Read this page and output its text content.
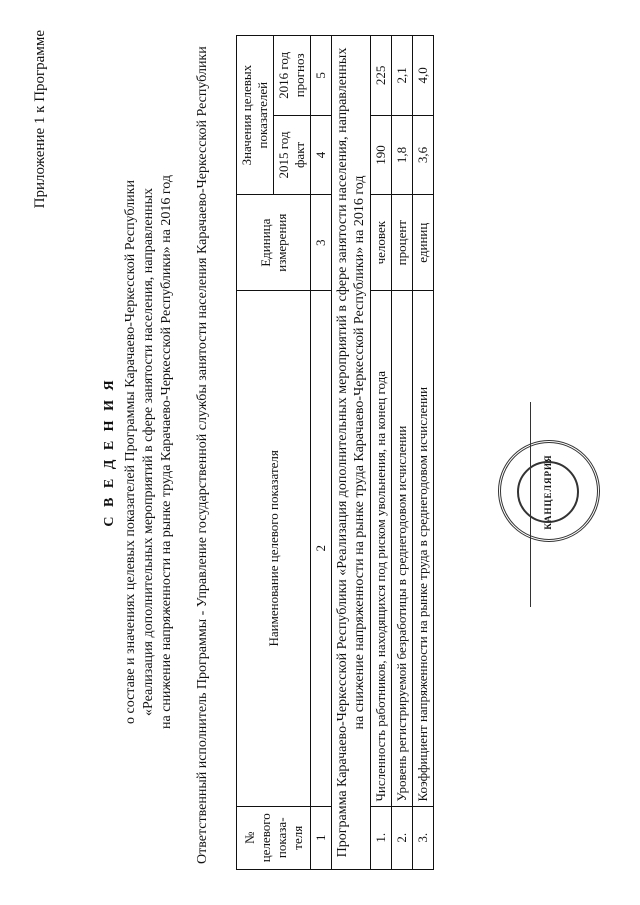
Приложение 1 к Программе
С В Е Д Е Н И Я о составе и значениях целевых показателей Программы Карачаево-Черкесской Республики «Реализация дополнительных мероприятий в сфере занятости населения, направленных на снижение напряженности на рынке труда Карачаево-Черкесской Республики» на 2016 год Ответственный исполнитель Программы - Управление государственной службы занятости населения Карачаево-Черкесской Республики № целевого показа- теля	Наименование целевого показателя	Единица измерения	Значения целевых показателей	
			2015 год факт	2016 год прогноз
1	2	3	4	5
Программа Карачаево-Черкесской Республики «Реализация дополнительных мероприятий в сфере занятости населения, направленных на снижение напряженности на рынке труда Карачаево-Черкесской Республики» на 2016 год				
1.	Численность работников, находящихся под риском увольнения, на конец года	человек	190	225
2.	Уровень регистрируемой безработицы в среднегодовом исчислении	процент	1,8	2,1
3.	Коэффициент напряженности на рынке труда в среднегодовом исчислении	единиц	3,6	4,0
КАНЦЕЛЯРИЯ
